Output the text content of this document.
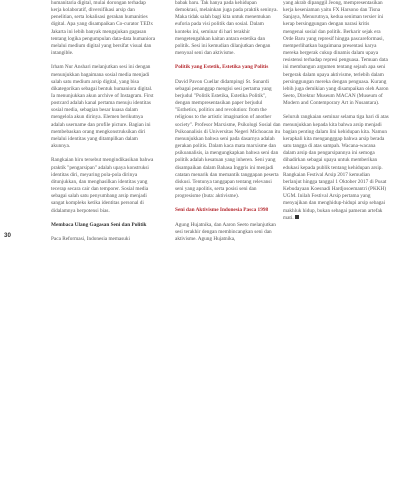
30

humanitaria digital, mulai dorongan terhadap kerja kolaboratif, diversifikasi arsip dan penelitian, serta lokalisasi gerakan humanities digital. Apa yang disampaikan Co-curator TEDx Jakarta ini lebih banyak mengajukan gagasan tentang logika pengumpulan data-data humaniora melalui medium digital yang bersifat visual dan intangible.

Irham Nur Anshari melanjutkan sesi ini dengan menunjukkan bagaimana sosial media menjadi salah satu medium arsip digital, yang bisa dikategorikan sebagai bentuk humaniora digital. Ia menunjukkan akun archive of Instagram. First postcard adalah kanal pertama menuju identitas sosial media, sebagian besar kuasa dalam mengelola akun dirinya. Elemen berikutnya adalah username dan profile picture. Bagian ini membebaskan orang mengkonstruksikan diri melalui identitas yang ditampilkan dalam akunnya.

Rangkaian hiru tersebut mengindikasikan bahwa praktik "pengarsipan" adalah upaya konstruksi identitas diri, meyaring pola-pola dirinya ditunjukkan, dan menghasilkan identitas yang tecerap secara cair dan temporer. Sosial media sebagai salah satu penyumbang arsip menjadi sangat kompleks ketika identitas personal di didalamnya berpotensi bias.

Membaca Ulang Gagasan Seni dan Politik

Paca Reformasi, Indonesia memasuki

babak baru. Tak hanya pada kehidupan demokrasi, melainkan juga pada praktik seninya. Maka tidak salah bagi kita untuk menemukan euforia pada visi politik dan sosial. Dalam konteks ini, seminar di hari terakhir mengetengahkan kaitan antara estetika dan politik. Sesi ini kemudian dilanjutkan dengan menyoal seni dan aktivisme.

Politik yang Estetik, Estetika yang Politis

David Pavon Cuellar didampingi St. Sunardi sebagai penanggap mengisi sesi pertama yang berjudul "Politik Estetika, Estetika Politik", dengan mempresentasikan paper berjudul "Esthetics, politics and revolution: from the religious to the artistic imagination of another society". Profesor Marxisme, Psikologi Sosial dan Psikoanalisis di Universitas Negeri Michoacan itu menunjukkan bahwa seni pada dasarnya adalah gerakan politis. Dalam kaca mata marxisme dan psikoanalisis, ia mengungkapkan bahwa seni dan politik adalah kesatuan yang inheren. Seni yang disampaikan dalam Bahasa Inggris ini menjadi catatan menarik dan memantik tanggapan peserta diskusi. Tentunya tanggapan tentang relevansi seni yang apolitis, serta posisi seni dan progresisme (buta: aktivisme).

Seni dan Aktivisme Indonesia Pasca 1998

Agung Hujatnika, dan Aaron Seeto melanjutkan sesi terakhir dengan membincangkan seni dan aktivisme. Agung Hujatnika,

yang akrab dipanggil Jeong, mempresentasikan kerja keseniaman yaitu FX Harsono dan Tisna Sanjaya, Menurutnya, kedua seniman tersier ini kerap bersinggungan dengan narasi kritis mengenai sosial dan politik. Berkarir sejak era Orde Baru yang represif hingga pascareformasi, memperlihatkan bagaimana presentasi karya mereka bergerak cukup dinamis dalam upaya resistensi terhadap represi penguasa. Temuan data ini membangun argumen tentang sejauh apa seni bergerak dalam upaya aktivisme, terlebih dalam persinggungan mereka dengan penguasa. Kurang lebih juga demikian yang disampaikan oleh Aaron Seeto, Direktur Museum MACAN (Museum of Modern and Contemporary Art in Nusantara).

Seluruh rangkaian seminar selama tiga hari di atas menunjukkan kepada kita bahwa arsip menjadi bagian penting dalam lini kehidupan kita. Namun kerapkali kita mengangggap bahwa arsip berada satu tangga di atas sampah. Wacana-wacana dalam arsip dan pengarsipannya ini semoga dihadirkan sebagai upaya untuk memberikan edukasi kepada publik tentang kehidupan arsip. Rangkaian Festival Arsip 2017 kemudian berlanjut hingga tanggal 1 Oktober 2017 di Pusat Kebudayaan Koesnadi Hardjosoemantri (PKKH) UGM. Inilah Festival Arsip pertama yang menyajikan dan menghidup-hidupi arsip sebagai makhluk hidup, bukan sebagai pameran artefak mati.
